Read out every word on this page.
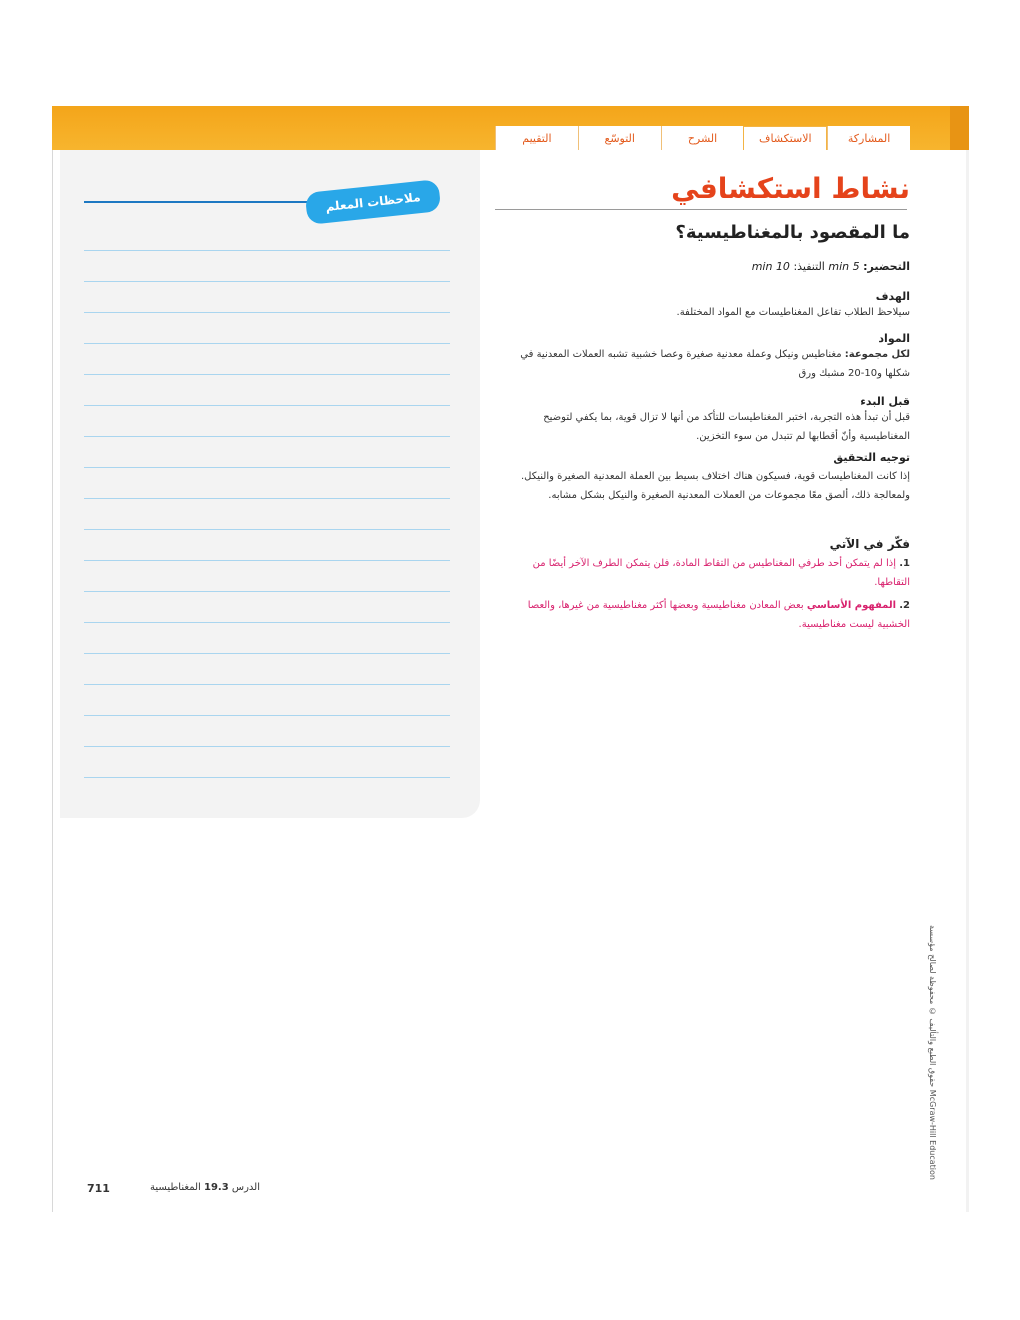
المشاركة
الاستكشاف
الشرح
التوسّع
التقييم
ملاحظات المعلم	نشاط استكشافي
ما المقصود بالمغناطيسية؟
التحضير: 5 min التنفيذ: 10 min
الهدف
سيلاحظ الطلاب تفاعل المغناطيسات مع المواد المختلفة.
المواد
لكل مجموعة: مغناطيس ونيكل وعملة معدنية صغيرة وعصا خشبية تشبه العملات المعدنية في شكلها و10-20 مشبك ورق
قبل البدء
قبل أن تبدأ هذه التجربة، اختبر المغناطيسات للتأكد من أنها لا تزال قوية، بما يكفي لتوضيح المغناطيسية وأنّ أقطابها لم تتبدل من سوء التخزين.
توجيه التحقيق
إذا كانت المغناطيسات قوية، فسيكون هناك اختلاف بسيط بين العملة المعدنية الصغيرة والنيكل. ولمعالجة ذلك، ألصق معًا مجموعات من العملات المعدنية الصغيرة والنيكل بشكل مشابه.
فكّر في الآتي
1. إذا لم يتمكن أحد طرفي المغناطيس من التقاط المادة، فلن يتمكن الطرف الآخر أيضًا من التقاطها.
2. المفهوم الأساسي بعض المعادن مغناطيسية وبعضها أكثر مغناطيسية من غيرها، والعصا الخشبية ليست مغناطيسية.
711	الدرس 19.3 المغناطيسية
حقوق الطبع والتأليف © محفوظة لصالح مؤسسة McGraw-Hill Education
